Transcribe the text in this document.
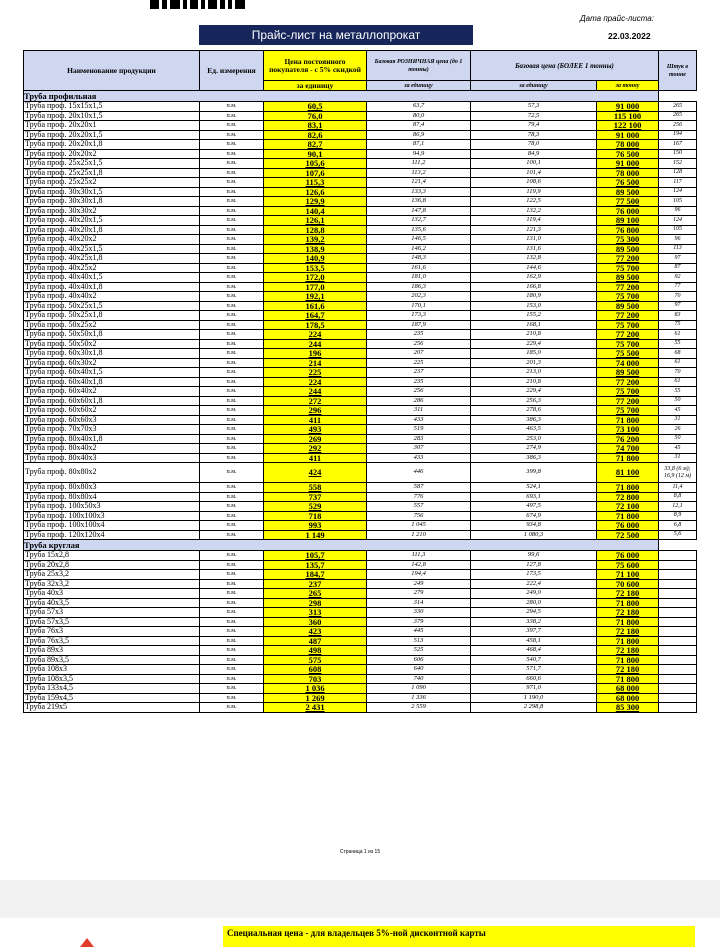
Дата прайс-листа:
Прайс-лист на металлопрокат	22.03.2022
Наименование продукции	Ед. измерения	Цена постоянного покупателя - с 5% скидкой	Базовая РОЗНИЧНАЯ цена (до 1 тонны)	Базовая цена (БОЛЕЕ 1 тонны)		Штук в тонне
		за единицу	за единицу	за единицу	за тонну	
Труба профильная						
Труба проф. 15х15х1,5	п.м.	60,5	63,7	57,3	91 000	265
Труба проф. 20х10х1,5	п.м.	76,0	80,0	72,5	115 100	265
Труба проф. 20х20х1	п.м.	83,1	87,4	79,4	122 100	256
Труба проф. 20х20х1,5	п.м.	82,6	86,9	78,3	91 000	194
Труба проф. 20х20х1,8	п.м.	82,7	87,1	78,0	78 000	167
Труба проф. 20х20х2	п.м.	90,1	94,9	84,9	76 500	150
Труба проф. 25х25х1,5	п.м.	105,6	111,2	100,1	91 000	152
Труба проф. 25х25х1,8	п.м.	107,6	113,2	101,4	78 000	128
Труба проф. 25х25х2	п.м.	115,3	121,4	108,6	76 500	117
Труба проф. 30х30х1,5	п.м.	126,6	133,3	119,9	89 500	124
Труба проф. 30х30х1,8	п.м.	129,9	136,8	122,5	77 500	105
Труба проф. 30х30х2	п.м.	140,4	147,8	132,2	76 000	96
Труба проф. 40х20х1,5	п.м.	126,1	132,7	119,4	89 100	124
Труба проф. 40х20х1,8	п.м.	128,8	135,6	121,3	76 800	105
Труба проф. 40х20х2	п.м.	139,2	146,5	131,0	75 300	96
Труба проф. 40х25х1,5	п.м.	138,9	146,2	131,6	89 500	113
Труба проф. 40х25х1,8	п.м.	140,9	148,3	132,8	77 200	97
Труба проф. 40х25х2	п.м.	153,5	161,6	144,6	75 700	87
Труба проф. 40х40х1,5	п.м.	172,0	181,0	162,9	89 500	92
Труба проф. 40х40х1,8	п.м.	177,0	186,3	166,8	77 200	77
Труба проф. 40х40х2	п.м.	192,1	202,3	180,9	75 700	70
Труба проф. 50х25х1,5	п.м.	161,6	170,1	153,0	89 500	97
Труба проф. 50х25х1,8	п.м.	164,7	173,3	155,2	77 200	83
Труба проф. 50х25х2	п.м.	178,5	187,9	168,1	75 700	75
Труба проф. 50х50х1,8	п.м.	224	235	210,8	77 200	61
Труба проф. 50х50х2	п.м.	244	256	229,4	75 700	55
Труба проф. 60х30х1,8	п.м.	196	207	185,0	75 500	68
Труба проф. 60х30х2	п.м.	214	225	201,3	74 000	61
Труба проф. 60х40х1,5	п.м.	225	237	213,0	89 500	70
Труба проф. 60х40х1,8	п.м.	224	235	210,8	77 200	61
Труба проф. 60х40х2	п.м.	244	256	229,4	75 700	55
Труба проф. 60х60х1,8	п.м.	272	286	256,3	77 200	50
Труба проф. 60х60х2	п.м.	296	311	278,6	75 700	45
Труба проф. 60х60х3	п.м.	411	433	386,3	71 800	31
Труба проф. 70х70х3	п.м.	493	519	463,5	73 100	26
Труба проф. 80х40х1,8	п.м.	269	283	253,0	76 200	50
Труба проф. 80х40х2	п.м.	292	307	274,9	74 700	45
Труба проф. 80х40х3	п.м.	411	433	386,3	71 800	31
Труба проф. 80х80х2	п.м.	424	446	399,8	81 100	33,8 (6 м); 16,9 (12 м)
Труба проф. 80х80х3	п.м.	558	587	524,1	71 800	11,4
Труба проф. 80х80х4	п.м.	737	776	693,1	72 800	8,8
Труба проф. 100х50х3	п.м.	529	557	497,5	72 100	12,1
Труба проф. 100х100х3	п.м.	718	756	674,9	71 800	8,9
Труба проф. 100х100х4	п.м.	993	1 045	934,8	76 000	6,8
Труба проф. 120х120х4	п.м.	1 149	1 210	1 080,3	72 500	5,6
Труба круглая						
Труба 15х2,8	п.м.	105,7	111,3	99,6	76 000	
Труба 20х2,8	п.м.	135,7	142,8	127,8	75 600	
Труба 25х3,2	п.м.	184,7	194,4	173,5	71 100	
Труба 32х3,2	п.м.	237	249	222,4	70 600	
Труба 40х3	п.м.	265	279	249,0	72 180	
Труба 40х3,5	п.м.	298	314	280,0	71 800	
Труба 57х3	п.м.	313	330	294,5	72 180	
Труба 57х3,5	п.м.	360	379	338,2	71 800	
Труба 76х3	п.м.	423	445	397,7	72 180	
Труба 76х3,5	п.м.	487	513	458,1	71 800	
Труба 89х3	п.м.	498	525	468,4	72 180	
Труба 89х3,5	п.м.	575	606	540,7	71 800	
Труба 108х3	п.м.	608	640	571,7	72 180	
Труба 108х3,5	п.м.	703	740	660,6	71 800	
Труба 133х4,5	п.м.	1 036	1 090	971,0	68 000	
Труба 159х4,5	п.м.	1 269	1 336	1 190,0	68 000	
Труба 219х5	п.м.	2 431	2 559	2 298,8	85 300	
Страница 1 из 15
Специальная цена - для владельцев 5%-ной дисконтной карты
